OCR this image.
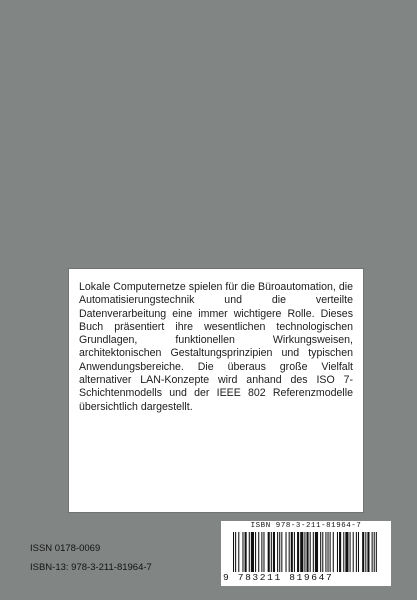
Lokale Computernetze spielen für die Büroautomation, die Automatisierungstechnik und die verteilte Datenverarbeitung eine immer wichtigere Rolle. Dieses Buch präsentiert ihre wesentlichen technologischen Grundlagen, funktionellen Wirkungsweisen, architektonischen Gestaltungsprinzipien und typischen Anwendungsbereiche. Die überaus große Vielfalt alternativer LAN-Konzepte wird anhand des ISO 7-Schichtenmodells und der IEEE 802 Referenzmodelle übersichtlich dargestellt.

ISSN 0178-0069
ISBN-13: 978-3-211-81964-7
ISBN 978-3-211-81964-7
9 783211 819647
